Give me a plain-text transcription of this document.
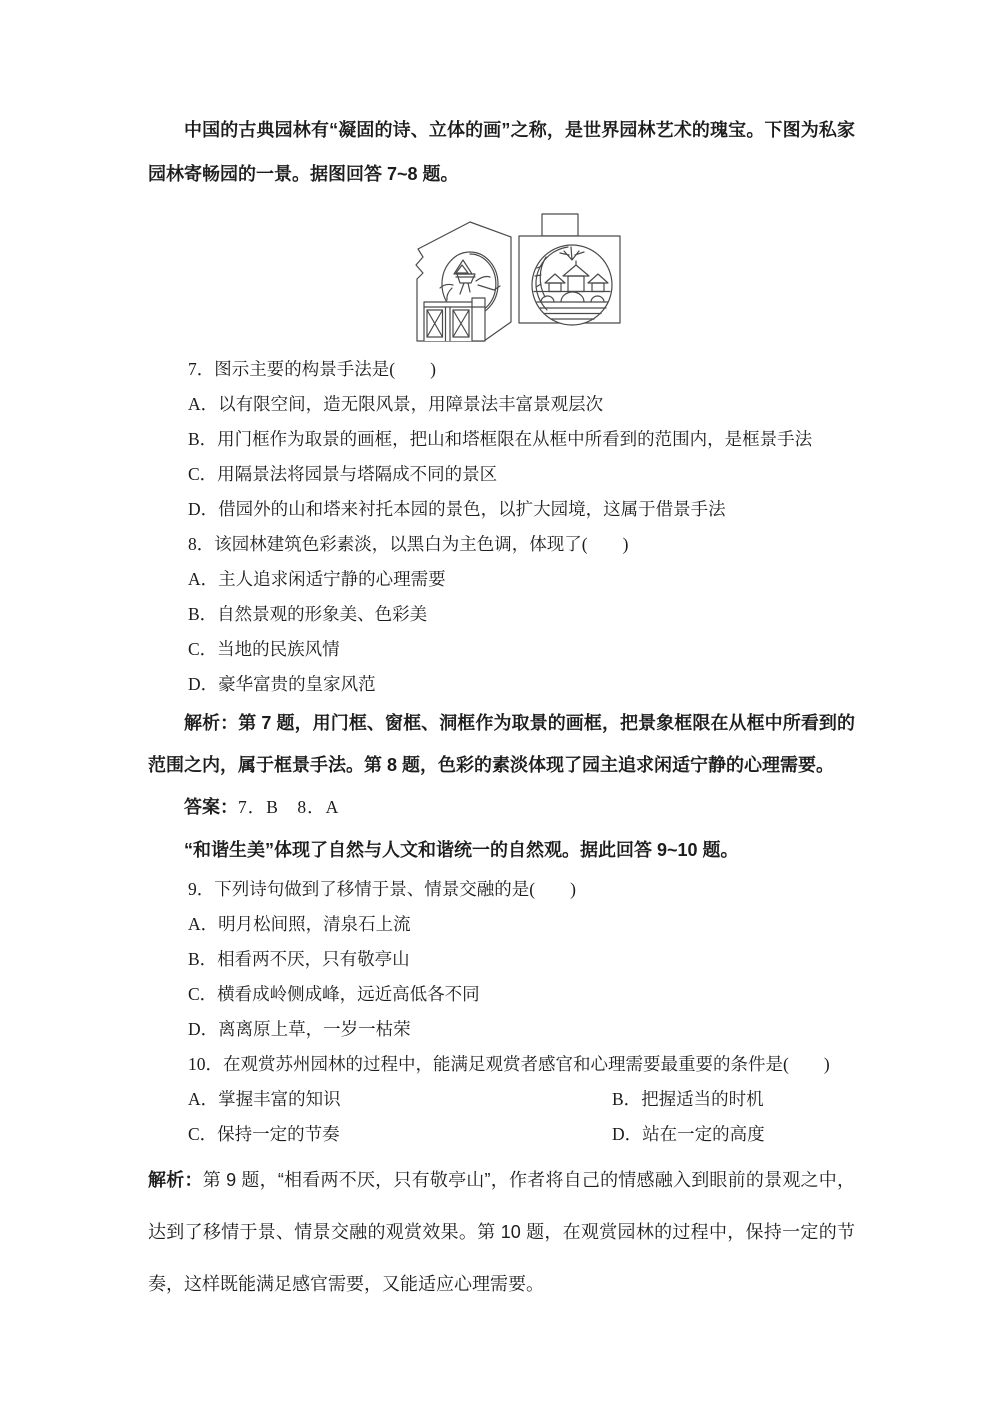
中国的古典园林有“凝固的诗、立体的画”之称，是世界园林艺术的瑰宝。下图为私家园林寄畅园的一景。据图回答 7~8 题。

7．图示主要的构景手法是(　　)

A．以有限空间，造无限风景，用障景法丰富景观层次

B．用门框作为取景的画框，把山和塔框限在从框中所看到的范围内，是框景手法

C．用隔景法将园景与塔隔成不同的景区

D．借园外的山和塔来衬托本园的景色，以扩大园境，这属于借景手法

8．该园林建筑色彩素淡，以黑白为主色调，体现了(　　)

A．主人追求闲适宁静的心理需要

B．自然景观的形象美、色彩美

C．当地的民族风情

D．豪华富贵的皇家风范

解析：第 7 题，用门框、窗框、洞框作为取景的画框，把景象框限在从框中所看到的范围之内，属于框景手法。第 8 题，色彩的素淡体现了园主追求闲适宁静的心理需要。

答案：7．B　8．A

“和谐生美”体现了自然与人文和谐统一的自然观。据此回答 9~10 题。

9．下列诗句做到了移情于景、情景交融的是(　　)

A．明月松间照，清泉石上流

B．相看两不厌，只有敬亭山

C．横看成岭侧成峰，远近高低各不同

D．离离原上草，一岁一枯荣

10．在观赏苏州园林的过程中，能满足观赏者感官和心理需要最重要的条件是(　　)

A．掌握丰富的知识	B．把握适当的时机

C．保持一定的节奏	D．站在一定的高度

解析：第 9 题，“相看两不厌，只有敬亭山”，作者将自己的情感融入到眼前的景观之中，达到了移情于景、情景交融的观赏效果。第 10 题，在观赏园林的过程中，保持一定的节奏，这样既能满足感官需要，又能适应心理需要。
